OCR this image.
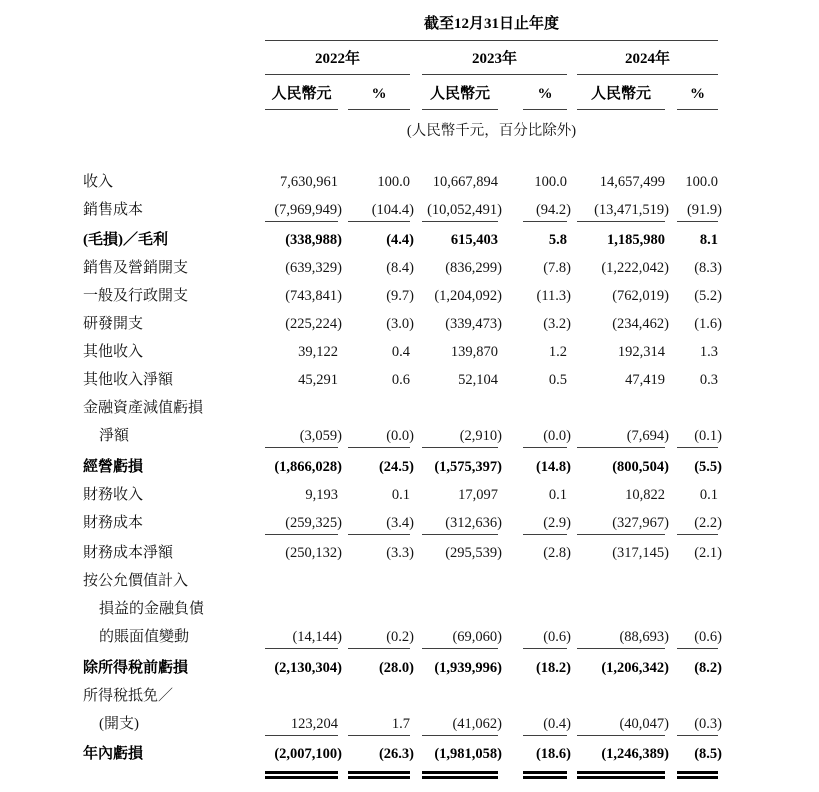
截至12月31日止年度
2022年	2023年	2024年
人民幣元	%	人民幣元	%	人民幣元	%
(人民幣千元，百分比除外)
收入	7,630,961	100.0 10,667,894	100.0 14,657,499 100.0
銷售成本	(7,969,949) (104.4) (10,052,491) (94.2) (13,471,519) (91.9)
(毛損)／毛利	(338,988)	(4.4)	615,403	5.8	1,185,980 8.1
銷售及營銷開支	(639,329)	(8.4) (836,299)	(7.8) (1,222,042) (8.3)
一般及行政開支	(743,841)	(9.7) (1,204,092) (11.3)	(762,019) (5.2)
研發開支	(225,224)	(3.0) (339,473)	(3.2)	(234,462) (1.6)
其他收入	39,122	0.4	139,870	1.2	192,314 1.3
其他收入淨額	45,291	0.6	52,104	0.5	47,419 0.3
金融資產減值虧損
淨額	(3,059)	(0.0)	(2,910)	(0.0)	(7,694) (0.1)
經營虧損	(1,866,028)	(24.5) (1,575,397) (14.8)	(800,504) (5.5)
財務收入	9,193	0.1	17,097	0.1	10,822 0.1
財務成本	(259,325)	(3.4) (312,636)	(2.9)	(327,967) (2.2)
財務成本淨額	(250,132)	(3.3) (295,539)	(2.8)	(317,145) (2.1)
按公允價值計入
損益的金融負債
的賬面值變動	(14,144)	(0.2)	(69,060)	(0.6)	(88,693) (0.6)
除所得稅前虧損	(2,130,304)	(28.0) (1,939,996) (18.2) (1,206,342) (8.2)
所得稅抵免／
(開支)	123,204	1.7	(41,062)	(0.4)	(40,047) (0.3)
年內虧損	(2,007,100)	(26.3) (1,981,058) (18.6) (1,246,389) (8.5)
